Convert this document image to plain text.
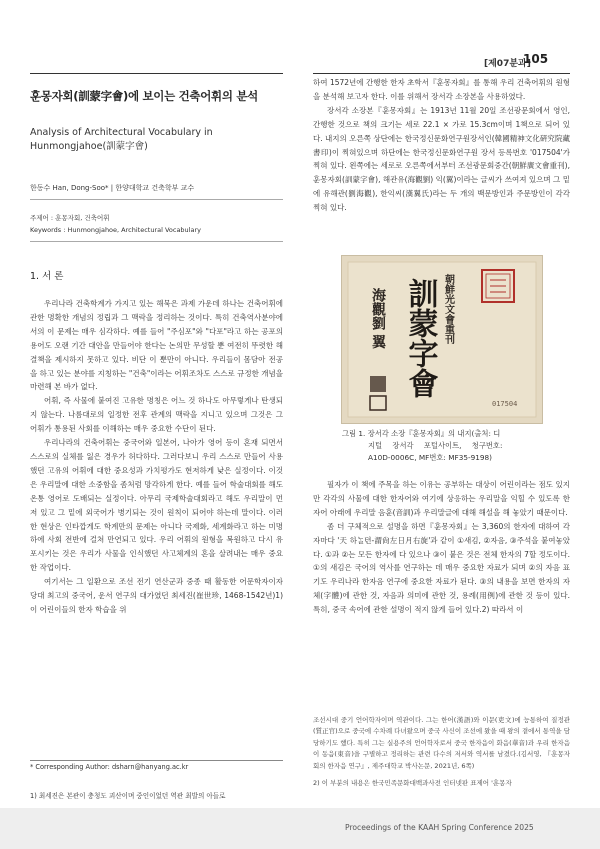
[제07분과]
105
훈몽자회(訓蒙字會)에 보이는 건축어휘의 분석
Analysis of Architectural Vocabulary in
Hunmongjahoe(訓蒙字會)
한동수 Han, Dong-Soo* | 한양대학교 건축학부 교수
주제어 : 훈몽자회, 건축어휘
Keywords : Hunmongjahoe, Architectural Vocabulary
1. 서 론

우리나라 건축학계가 가지고 있는 해묵은 과제 가운데 하나는 건축어휘에 관한 명확한 개념의 정립과 그 맥락을 정리하는 것이다. 특히 건축역사분야에서의 이 문제는 매우 심각하다. 예를 들어 "주심포"와 "다포"라고 하는 공포의 용어도 오랜 기간 대안을 만들어야 한다는 논의만 무성할 뿐 여전히 뚜렷한 해결책을 제시하지 못하고 있다. 비단 이 뿐만이 아니다. 우리들이 몸담아 전공을 하고 있는 분야를 지칭하는 "건축"이라는 어휘조차도 스스로 규정한 개념을 마련해 본 바가 없다.

어휘, 즉 사물에 붙여진 고유한 명칭은 어느 것 하나도 아무렇게나 탄생되지 않는다. 나름대로의 일정한 전후 관계의 맥락을 지니고 있으며 그것은 그 어휘가 통용된 사회를 이해하는 매우 중요한 수단이 된다.

우리나라의 건축어휘는 중국어와 일본어, 나아가 영어 등이 혼재 되면서 스스로의 실체를 잃은 경우가 허다하다. 그러다보니 우리 스스로 만들어 사용했던 고유의 어휘에 대한 중요성과 가치평가도 현저하게 낮은 실정이다. 이것은 우리말에 대한 소중함을 좀처럼 망각하게 한다. 예를 들어 학술대회를 해도 온통 영어로 도배되는 실정이다. 아무리 국제학술대회라고 해도 우리말이 먼저 있고 그 밑에 외국어가 병기되는 것이 원칙이 되어야 하는데 말이다. 이러한 현상은 인타깝게도 학계만의 문제는 아니다 국제화, 세계화라고 하는 미명하에 사회 전반에 걸쳐 만연되고 있다. 우리 어휘의 원형을 복원하고 다시 유포시키는 것은 우리가 사물을 인식했던 사고체계의 혼을 살려내는 매우 중요한 작업이다.

여기서는 그 일환으로 조선 전기 연산군과 중종 때 활동한 어문학자이자 당대 최고의 중국어, 운서 연구의 대가였던 최세진(崔世珍, 1468-1542년)1)이 어린이들의 한자 학습을 위

* Corresponding Author: dsharn@hanyang.ac.kr
1) 최세진은 본관이 충청도 괴산이며 중인이었던 역관 최발의 아들로

하여 1572년에 간행한 한자 초학서『훈몽자회』를 통해 우리 건축어휘의 원형을 분석해 보고자 한다. 이를 위해서 장서각 소장본을 사용하였다.

장서각 소장본『훈몽자회』는 1913년 11월 20일 조선광문회에서 영인, 간행한 것으로 책의 크기는 세로 22.1 × 가로 15.3cm이며 1책으로 되어 있다. 내지의 오른쪽 상단에는 한국정신문화연구원장서인(韓國精神文化硏究院藏書印)이 찍혀있으며 하단에는 한국정신문화연구원 장서 등록번호 '017504'가 찍혀 있다. 왼쪽에는 세로로 오른쪽에서부터 조선광문회중간(朝鮮廣文會重刊), 훈몽자회(訓蒙字會), 해관유(海觀劉) 익(翼)이라는 글씨가 쓰여져 있으며 그 밑에 유해관(劉海觀), 한익씨(漢翼氏)라는 두 개의 백문방인과 주문방인이 각각 찍혀 있다.

朝鮮光文會重刊
訓蒙字會
海觀劉 翼
017504
그림 1. 장서각 소장『훈몽자회』의 내지(출처: 디
지털 장서각 포털사이트, 청구번호:
A10D-0006C, MF번호: MF35-9198)

필자가 이 책에 주목을 하는 이유는 공부하는 대상이 어린이라는 점도 있지만 각각의 사물에 대한 한자어와 여기에 상응하는 우리말을 익힐 수 있도록 한자어 아래에 우리말 음훈(音訓)과 우리말글에 대해 해설을 해 놓았기 때문이다.

좀 더 구체적으로 설명을 하면『훈몽자회』는 3,360의 한자에 대하여 각자마다 '天 하ᄂᆞᆯ텬-謂尙左日月右旋'과 같이 ①새김, ②자음, ③주석을 붙여놓았다. ①과 ②는 모든 한자에 다 있으나 ③이 붙은 것은 전체 한자의 7할 정도이다. ①의 새김은 국어의 역사를 연구하는 데 매우 중요한 자료가 되며 ②의 자음 표기도 우리나라 한자음 연구에 중요한 자료가 된다. ③의 내용을 보면 한자의 자체(字體)에 관한 것, 자음과 의미에 관한 것, 용례(用例)에 관한 것 등이 있다. 특히, 중국 속어에 관한 설명이 적지 않게 들어 있다.2) 따라서 이

조선시대 중기 언어학자이며 역관이다. 그는 한어(漢語)와 이문(吏文)에 능통하여 질정관(質正官)으로 중국에 수차례 다녀왔으며 중국 사신이 조선에 왔을 때 왕의 곁에서 통역을 담당하기도 했다. 특히 그는 실용주의 언어학자로서 중국 한자음이 화음(華音)과 우리 한자음이 동음(東音)을 구별하고 정리하는 관련 다수의 저서와 역서를 남겼다.(김서영, 『훈몽자회의 한자음 연구』, 제주대학교 박사논문, 2021년, 6쪽)

2) 이 부분의 내용은 한국민족문화대백과사전 인터넷판 표제어 '훈몽자

Proceedings of the KAAH Spring Conference 2025
